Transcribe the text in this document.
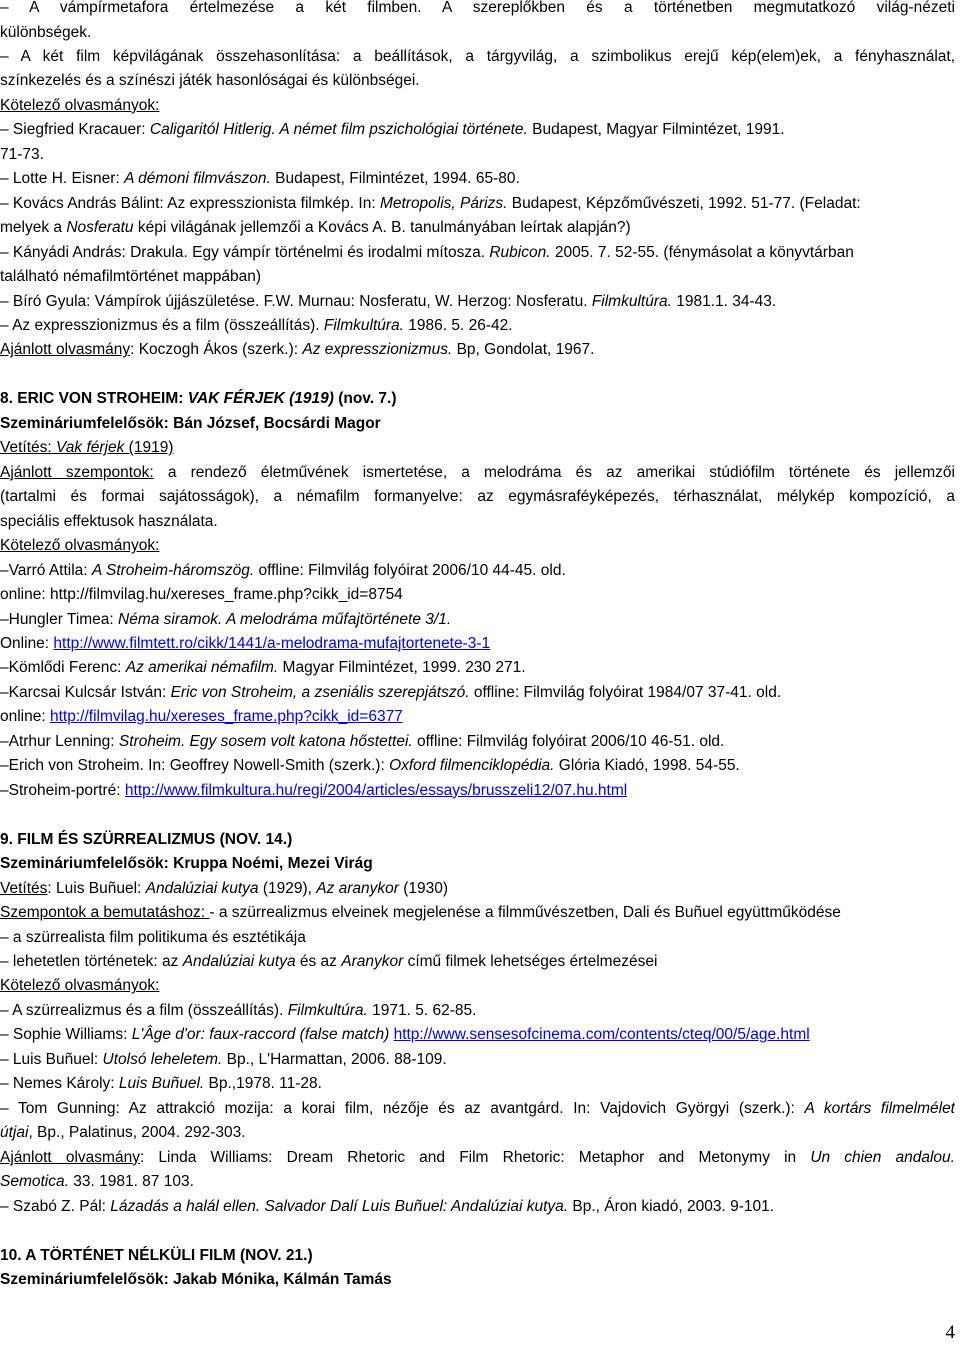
– A vámpírmetafora értelmezése a két filmben. A szereplőkben és a történetben megmutatkozó világ-nézeti

különbségek.

– A két film képvilágának összehasonlítása: a beállítások, a tárgyvilág, a szimbolikus erejű kép(elem)ek, a fényhasználat,

színkezelés és a színészi játék hasonlóságai és különbségei.

Kötelező olvasmányok:

– Siegfried Kracauer: Caligaritól Hitlerig. A német film pszichológiai története. Budapest, Magyar Filmintézet, 1991.

71-73.

– Lotte H. Eisner: A démoni filmvászon. Budapest, Filmintézet, 1994. 65-80.

– Kovács András Bálint: Az expresszionista filmkép. In: Metropolis, Párizs. Budapest, Képzőművészeti, 1992. 51-77. (Feladat:

melyek a Nosferatu képi világának jellemzői a Kovács A. B. tanulmányában leírtak alapján?)

– Kányádi András: Drakula. Egy vámpír történelmi és irodalmi mítosza. Rubicon. 2005. 7. 52-55. (fénymásolat a könyvtárban

található némafilmtörténet mappában)

– Bíró Gyula: Vámpírok újjászületése. F.W. Murnau: Nosferatu, W. Herzog: Nosferatu. Filmkultúra. 1981.1. 34-43.

– Az expresszionizmus és a film (összeállítás). Filmkultúra. 1986. 5. 26-42.

Ajánlott olvasmány: Koczogh Ákos (szerk.): Az expresszionizmus. Bp, Gondolat, 1967.

8. ERIC VON STROHEIM: VAK FÉRJEK (1919) (nov. 7.)

Szemináriumfelelősök: Bán József, Bocsárdi Magor

Vetítés: Vak férjek (1919)

Ajánlott szempontok: a rendező életművének ismertetése, a melodráma és az amerikai stúdiófilm története és jellemzői

(tartalmi és formai sajátosságok), a némafilm formanyelve: az egymásraféyképezés, térhasználat, mélykép kompozíció, a

speciális effektusok használata.

Kötelező olvasmányok:

–Varró Attila: A Stroheim-háromszög. offline: Filmvilág folyóirat 2006/10 44-45. old.

online: http://filmvilag.hu/xereses_frame.php?cikk_id=8754

–Hungler Timea: Néma siramok. A melodráma műfajtörténete 3/1.

Online: http://www.filmtett.ro/cikk/1441/a-melodrama-mufajtortenete-3-1

–Kömlődi Ferenc: Az amerikai némafilm. Magyar Filmintézet, 1999. 230 271.

–Karcsai Kulcsár István: Eric von Stroheim, a zseniális szerepjátszó. offline: Filmvilág folyóirat 1984/07 37-41. old.

online: http://filmvilag.hu/xereses_frame.php?cikk_id=6377

–Atrhur Lenning: Stroheim. Egy sosem volt katona hőstettei. offline: Filmvilág folyóirat 2006/10 46-51. old.

–Erich von Stroheim. In: Geoffrey Nowell-Smith (szerk.): Oxford filmenciklopédia. Glória Kiadó, 1998. 54-55.

–Stroheim-portré: http://www.filmkultura.hu/regi/2004/articles/essays/brusszeli12/07.hu.html

9. FILM ÉS SZÜRREALIZMUS (NOV. 14.)

Szemináriumfelelősök: Kruppa Noémi, Mezei Virág

Vetítés: Luis Buñuel: Andalúziai kutya (1929), Az aranykor (1930)

Szempontok a bemutatáshoz: - a szürrealizmus elveinek megjelenése a filmművészetben, Dali és Buñuel együttműködése

– a szürrealista film politikuma és esztétikája

– lehetetlen történetek: az Andalúziai kutya és az Aranykor című filmek lehetséges értelmezései

Kötelező olvasmányok:

– A szürrealizmus és a film (összeállítás). Filmkultúra. 1971. 5. 62-85.

– Sophie Williams: L'Âge d'or: faux-raccord (false match) http://www.sensesofcinema.com/contents/cteq/00/5/age.html

– Luis Buñuel: Utolsó leheletem. Bp., L'Harmattan, 2006. 88-109.

– Nemes Károly: Luis Buñuel. Bp.,1978. 11-28.

– Tom Gunning: Az attrakció mozija: a korai film, nézője és az avantgárd. In: Vajdovich Györgyi (szerk.): A kortárs filmelmélet

útjai, Bp., Palatinus, 2004. 292-303.

Ajánlott olvasmány: Linda Williams: Dream Rhetoric and Film Rhetoric: Metaphor and Metonymy in Un chien andalou.

Semotica. 33. 1981. 87 103.

– Szabó Z. Pál: Lázadás a halál ellen. Salvador Dalí Luis Buñuel: Andalúziai kutya. Bp., Áron kiadó, 2003. 9-101.

10. A TÖRTÉNET NÉLKÜLI FILM (NOV. 21.)

Szemináriumfelelősök: Jakab Mónika, Kálmán Tamás

4
